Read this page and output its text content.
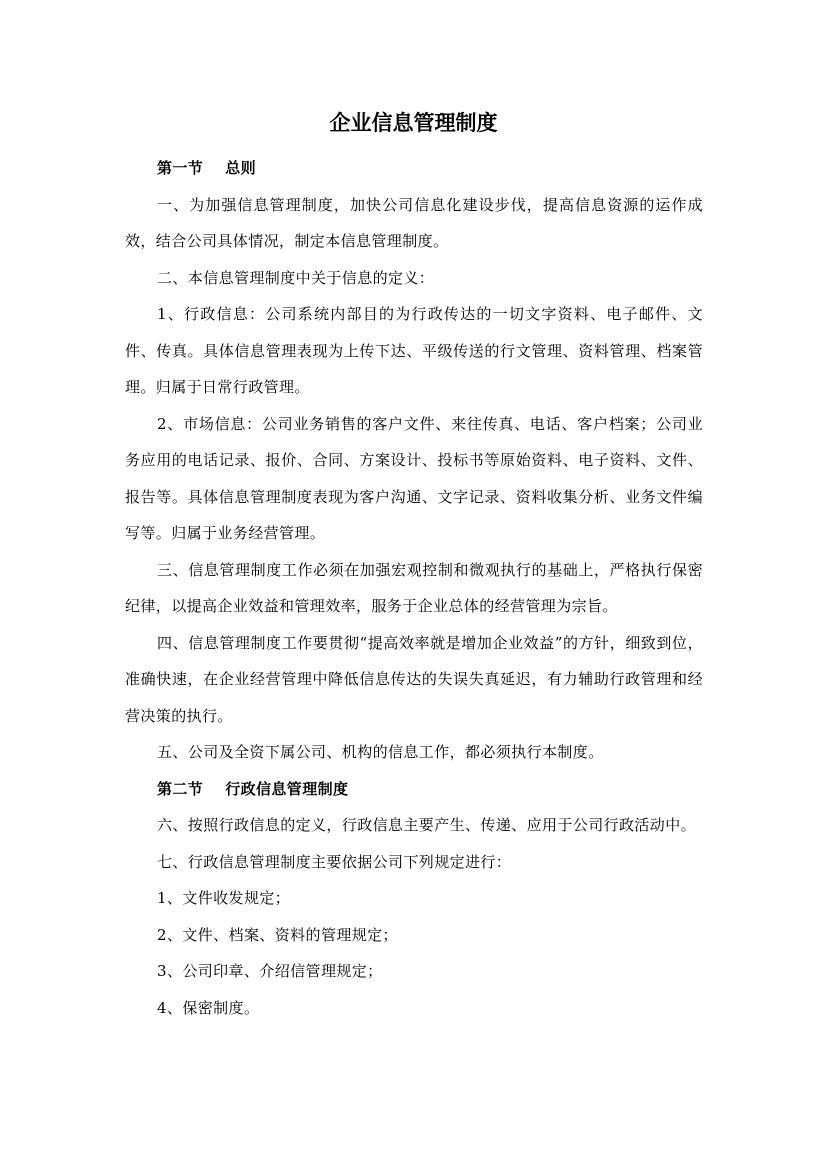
企业信息管理制度

第一节 总则

一、为加强信息管理制度，加快公司信息化建设步伐，提高信息资源的运作成效，结合公司具体情况，制定本信息管理制度。

二、本信息管理制度中关于信息的定义：

1、行政信息：公司系统内部目的为行政传达的一切文字资料、电子邮件、文件、传真。具体信息管理表现为上传下达、平级传送的行文管理、资料管理、档案管理。归属于日常行政管理。

2、市场信息：公司业务销售的客户文件、来往传真、电话、客户档案；公司业务应用的电话记录、报价、合同、方案设计、投标书等原始资料、电子资料、文件、报告等。具体信息管理制度表现为客户沟通、文字记录、资料收集分析、业务文件编写等。归属于业务经营管理。

三、信息管理制度工作必须在加强宏观控制和微观执行的基础上，严格执行保密纪律，以提高企业效益和管理效率，服务于企业总体的经营管理为宗旨。

四、信息管理制度工作要贯彻“提高效率就是增加企业效益”的方针，细致到位，准确快速，在企业经营管理中降低信息传达的失误失真延迟，有力辅助行政管理和经营决策的执行。

五、公司及全资下属公司、机构的信息工作，都必须执行本制度。

第二节 行政信息管理制度

六、按照行政信息的定义，行政信息主要产生、传递、应用于公司行政活动中。

七、行政信息管理制度主要依据公司下列规定进行：

1、文件收发规定；

2、文件、档案、资料的管理规定；

3、公司印章、介绍信管理规定；

4、保密制度。
